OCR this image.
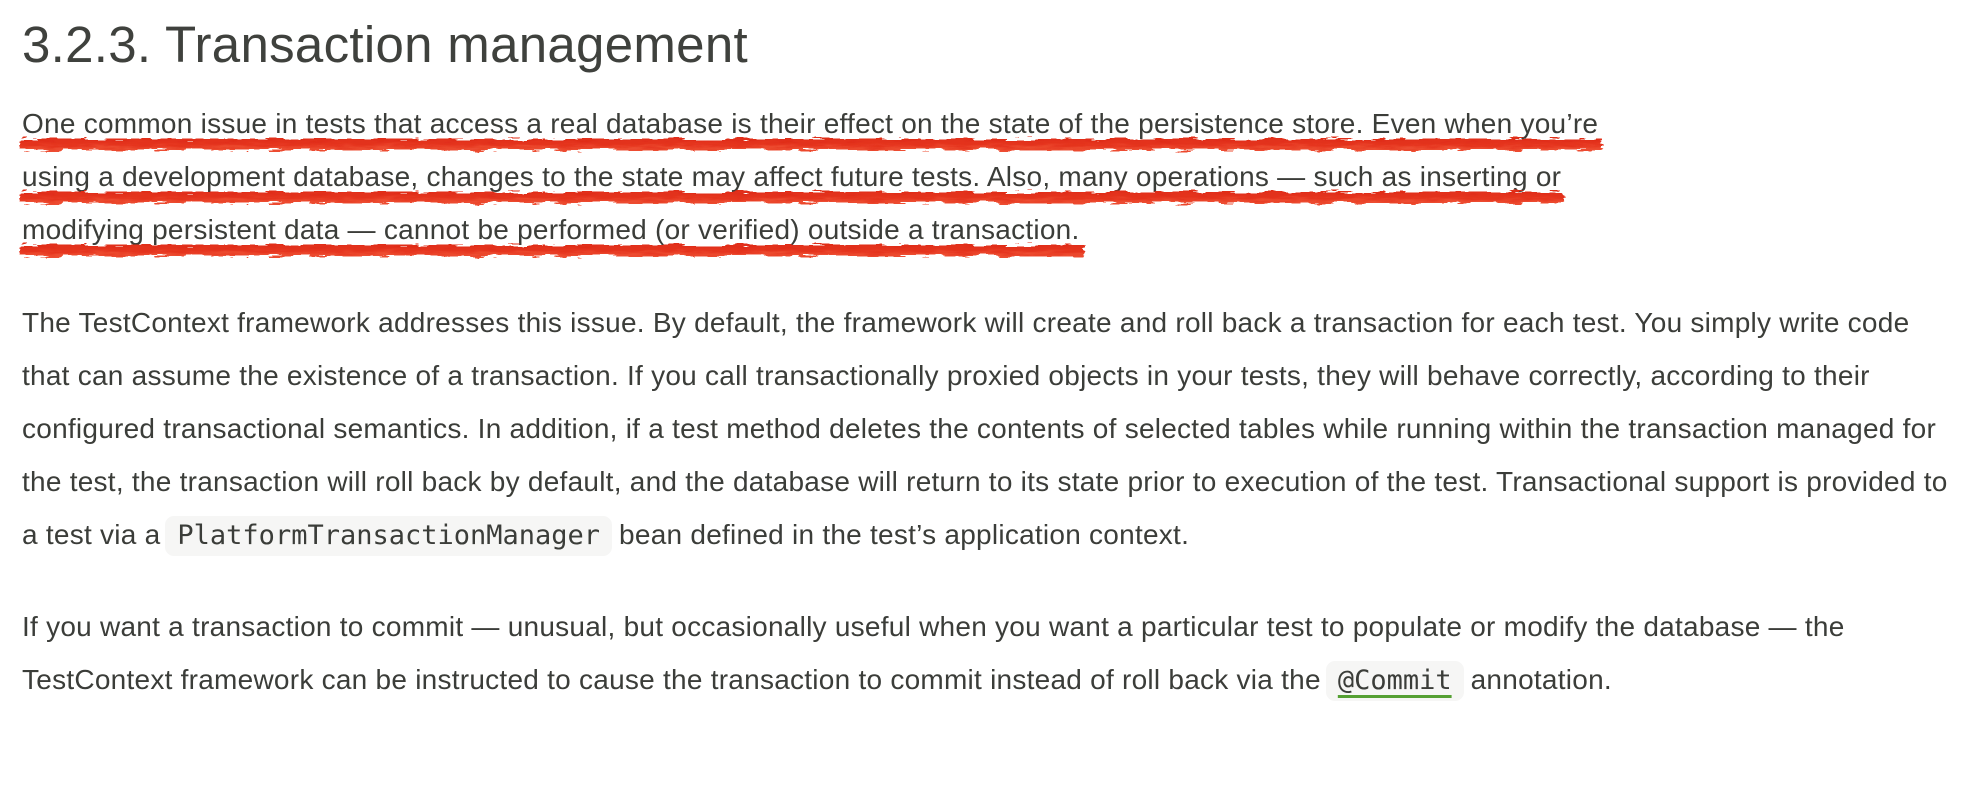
3.2.3. Transaction management
One common issue in tests that access a real database is their effect on the state of the persistence store. Even when you’re
using a development database, changes to the state may affect future tests. Also, many operations — such as inserting or
modifying persistent data — cannot be performed (or verified) outside a transaction.

The TestContext framework addresses this issue. By default, the framework will create and roll back a transaction for each test. You simply write code that can assume the existence of a transaction. If you call transactionally proxied objects in your tests, they will behave correctly, according to their configured transactional semantics. In addition, if a test method deletes the contents of selected tables while running within the transaction managed for the test, the transaction will roll back by default, and the database will return to its state prior to execution of the test. Transactional support is provided to a test via a PlatformTransactionManager bean defined in the test’s application context.

If you want a transaction to commit — unusual, but occasionally useful when you want a particular test to populate or modify the database — the TestContext framework can be instructed to cause the transaction to commit instead of roll back via the @Commit annotation.
